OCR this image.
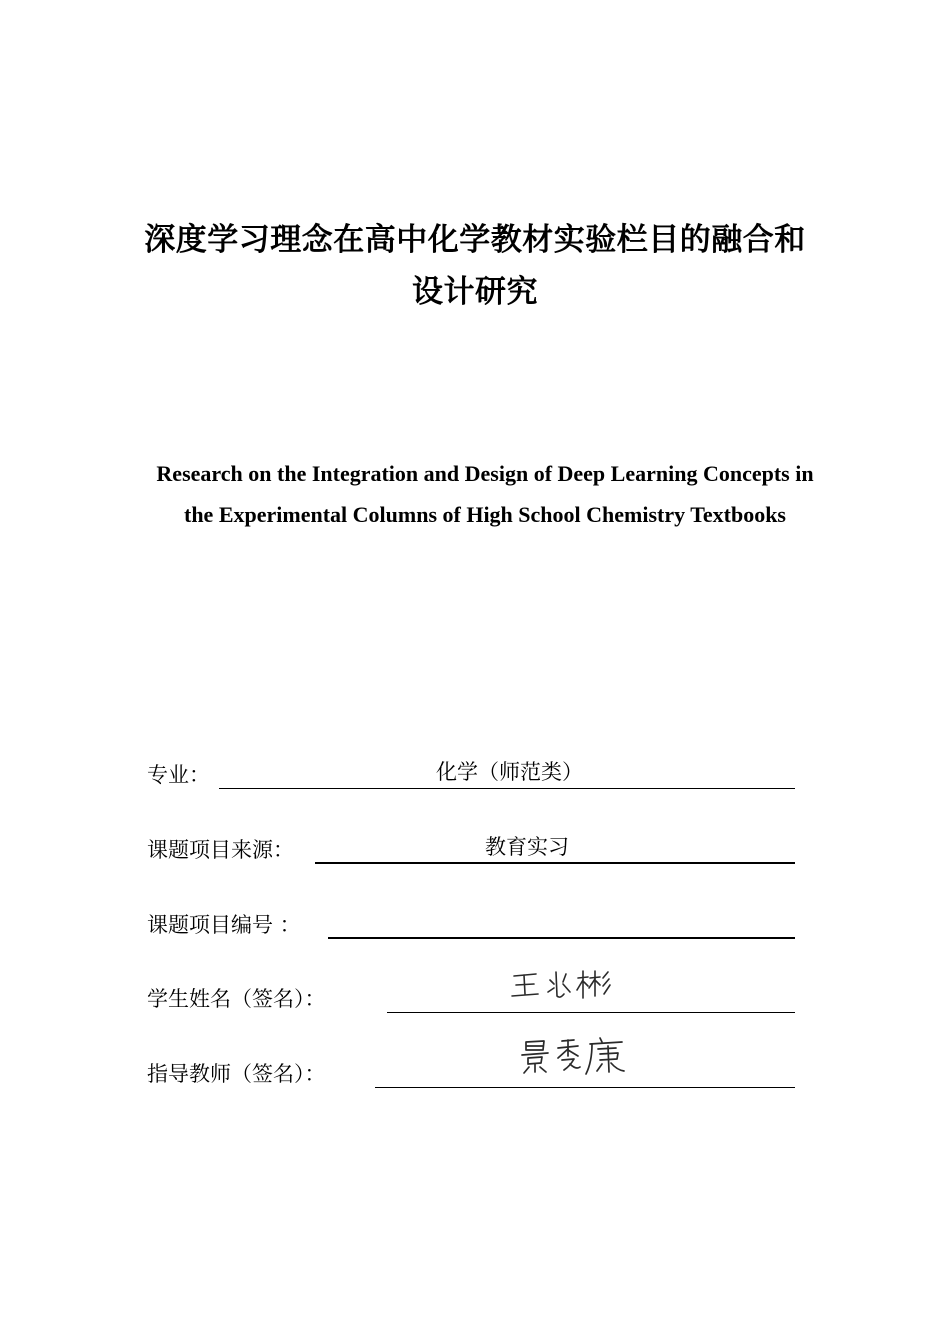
深度学习理念在高中化学教材实验栏目的融合和
设计研究
Research on the Integration and Design of Deep Learning Concepts in
the Experimental Columns of High School Chemistry Textbooks
专业：	化学（师范类）
课题项目来源：	教育实习
课题项目编号 ：
学生姓名（签名）：
指导教师（签名）：
